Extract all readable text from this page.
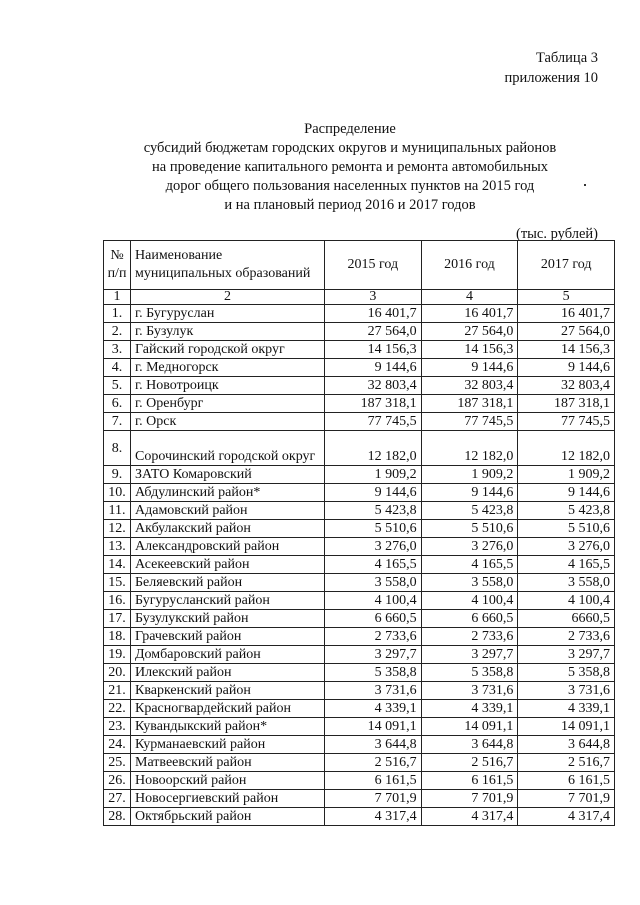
Таблица 3
приложения 10
Распределение
субсидий бюджетам городских округов и муниципальных районов
на проведение капитального ремонта и ремонта автомобильных
дорог общего пользования населенных пунктов на 2015 год
и на плановый период 2016 и 2017 годов
(тыс. рублей)
№ п/п	Наименование муниципальных образований	2015 год	2016 год	2017 год
1	2	3	4	5
1.	г. Бугуруслан	16 401,7	16 401,7	16 401,7
2.	г. Бузулук	27 564,0	27 564,0	27 564,0
3.	Гайский городской округ	14 156,3	14 156,3	14 156,3
4.	г. Медногорск	9 144,6	9 144,6	9 144,6
5.	г. Новотроицк	32 803,4	32 803,4	32 803,4
6.	г. Оренбург	187 318,1	187 318,1	187 318,1
7.	г. Орск	77 745,5	77 745,5	77 745,5
8.	Сорочинский городской округ	12 182,0	12 182,0	12 182,0
9.	ЗАТО Комаровский	1 909,2	1 909,2	1 909,2
10.	Абдулинский район*	9 144,6	9 144,6	9 144,6
11.	Адамовский район	5 423,8	5 423,8	5 423,8
12.	Акбулакский район	5 510,6	5 510,6	5 510,6
13.	Александровский район	3 276,0	3 276,0	3 276,0
14.	Асекеевский район	4 165,5	4 165,5	4 165,5
15.	Беляевский район	3 558,0	3 558,0	3 558,0
16.	Бугурусланский район	4 100,4	4 100,4	4 100,4
17.	Бузулукский район	6 660,5	6 660,5	6660,5
18.	Грачевский район	2 733,6	2 733,6	2 733,6
19.	Домбаровский район	3 297,7	3 297,7	3 297,7
20.	Илекский район	5 358,8	5 358,8	5 358,8
21.	Кваркенский район	3 731,6	3 731,6	3 731,6
22.	Красногвардейский район	4 339,1	4 339,1	4 339,1
23.	Кувандыкский район*	14 091,1	14 091,1	14 091,1
24.	Курманаевский район	3 644,8	3 644,8	3 644,8
25.	Матвеевский район	2 516,7	2 516,7	2 516,7
26.	Новоорский район	6 161,5	6 161,5	6 161,5
27.	Новосергиевский район	7 701,9	7 701,9	7 701,9
28.	Октябрьский район	4 317,4	4 317,4	4 317,4
